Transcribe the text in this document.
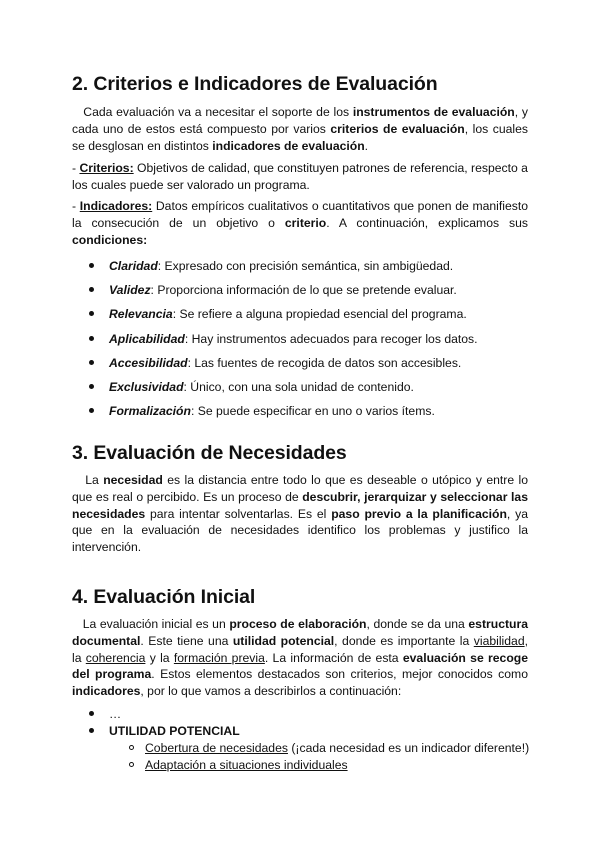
2. Criterios e Indicadores de Evaluación

Cada evaluación va a necesitar el soporte de los instrumentos de evaluación, y cada uno de estos está compuesto por varios criterios de evaluación, los cuales se desglosan en distintos indicadores de evaluación.

- Criterios: Objetivos de calidad, que constituyen patrones de referencia, respecto a los cuales puede ser valorado un programa.

- Indicadores: Datos empíricos cualitativos o cuantitativos que ponen de manifiesto la consecución de un objetivo o criterio. A continuación, explicamos sus condiciones:

Claridad: Expresado con precisión semántica, sin ambigüedad.
Validez: Proporciona información de lo que se pretende evaluar.
Relevancia: Se refiere a alguna propiedad esencial del programa.
Aplicabilidad: Hay instrumentos adecuados para recoger los datos.
Accesibilidad: Las fuentes de recogida de datos son accesibles.
Exclusividad: Único, con una sola unidad de contenido.
Formalización: Se puede especificar en uno o varios ítems.
3. Evaluación de Necesidades

La necesidad es la distancia entre todo lo que es deseable o utópico y entre lo que es real o percibido. Es un proceso de descubrir, jerarquizar y seleccionar las necesidades para intentar solventarlas. Es el paso previo a la planificación, ya que en la evaluación de necesidades identifico los problemas y justifico la intervención.

4. Evaluación Inicial

La evaluación inicial es un proceso de elaboración, donde se da una estructura documental. Este tiene una utilidad potencial, donde es importante la viabilidad, la coherencia y la formación previa. La información de esta evaluación se recoge del programa. Estos elementos destacados son criterios, mejor conocidos como indicadores, por lo que vamos a describirlos a continuación:

…
UTILIDAD POTENCIAL
Cobertura de necesidades (¡cada necesidad es un indicador diferente!)
Adaptación a situaciones individuales
